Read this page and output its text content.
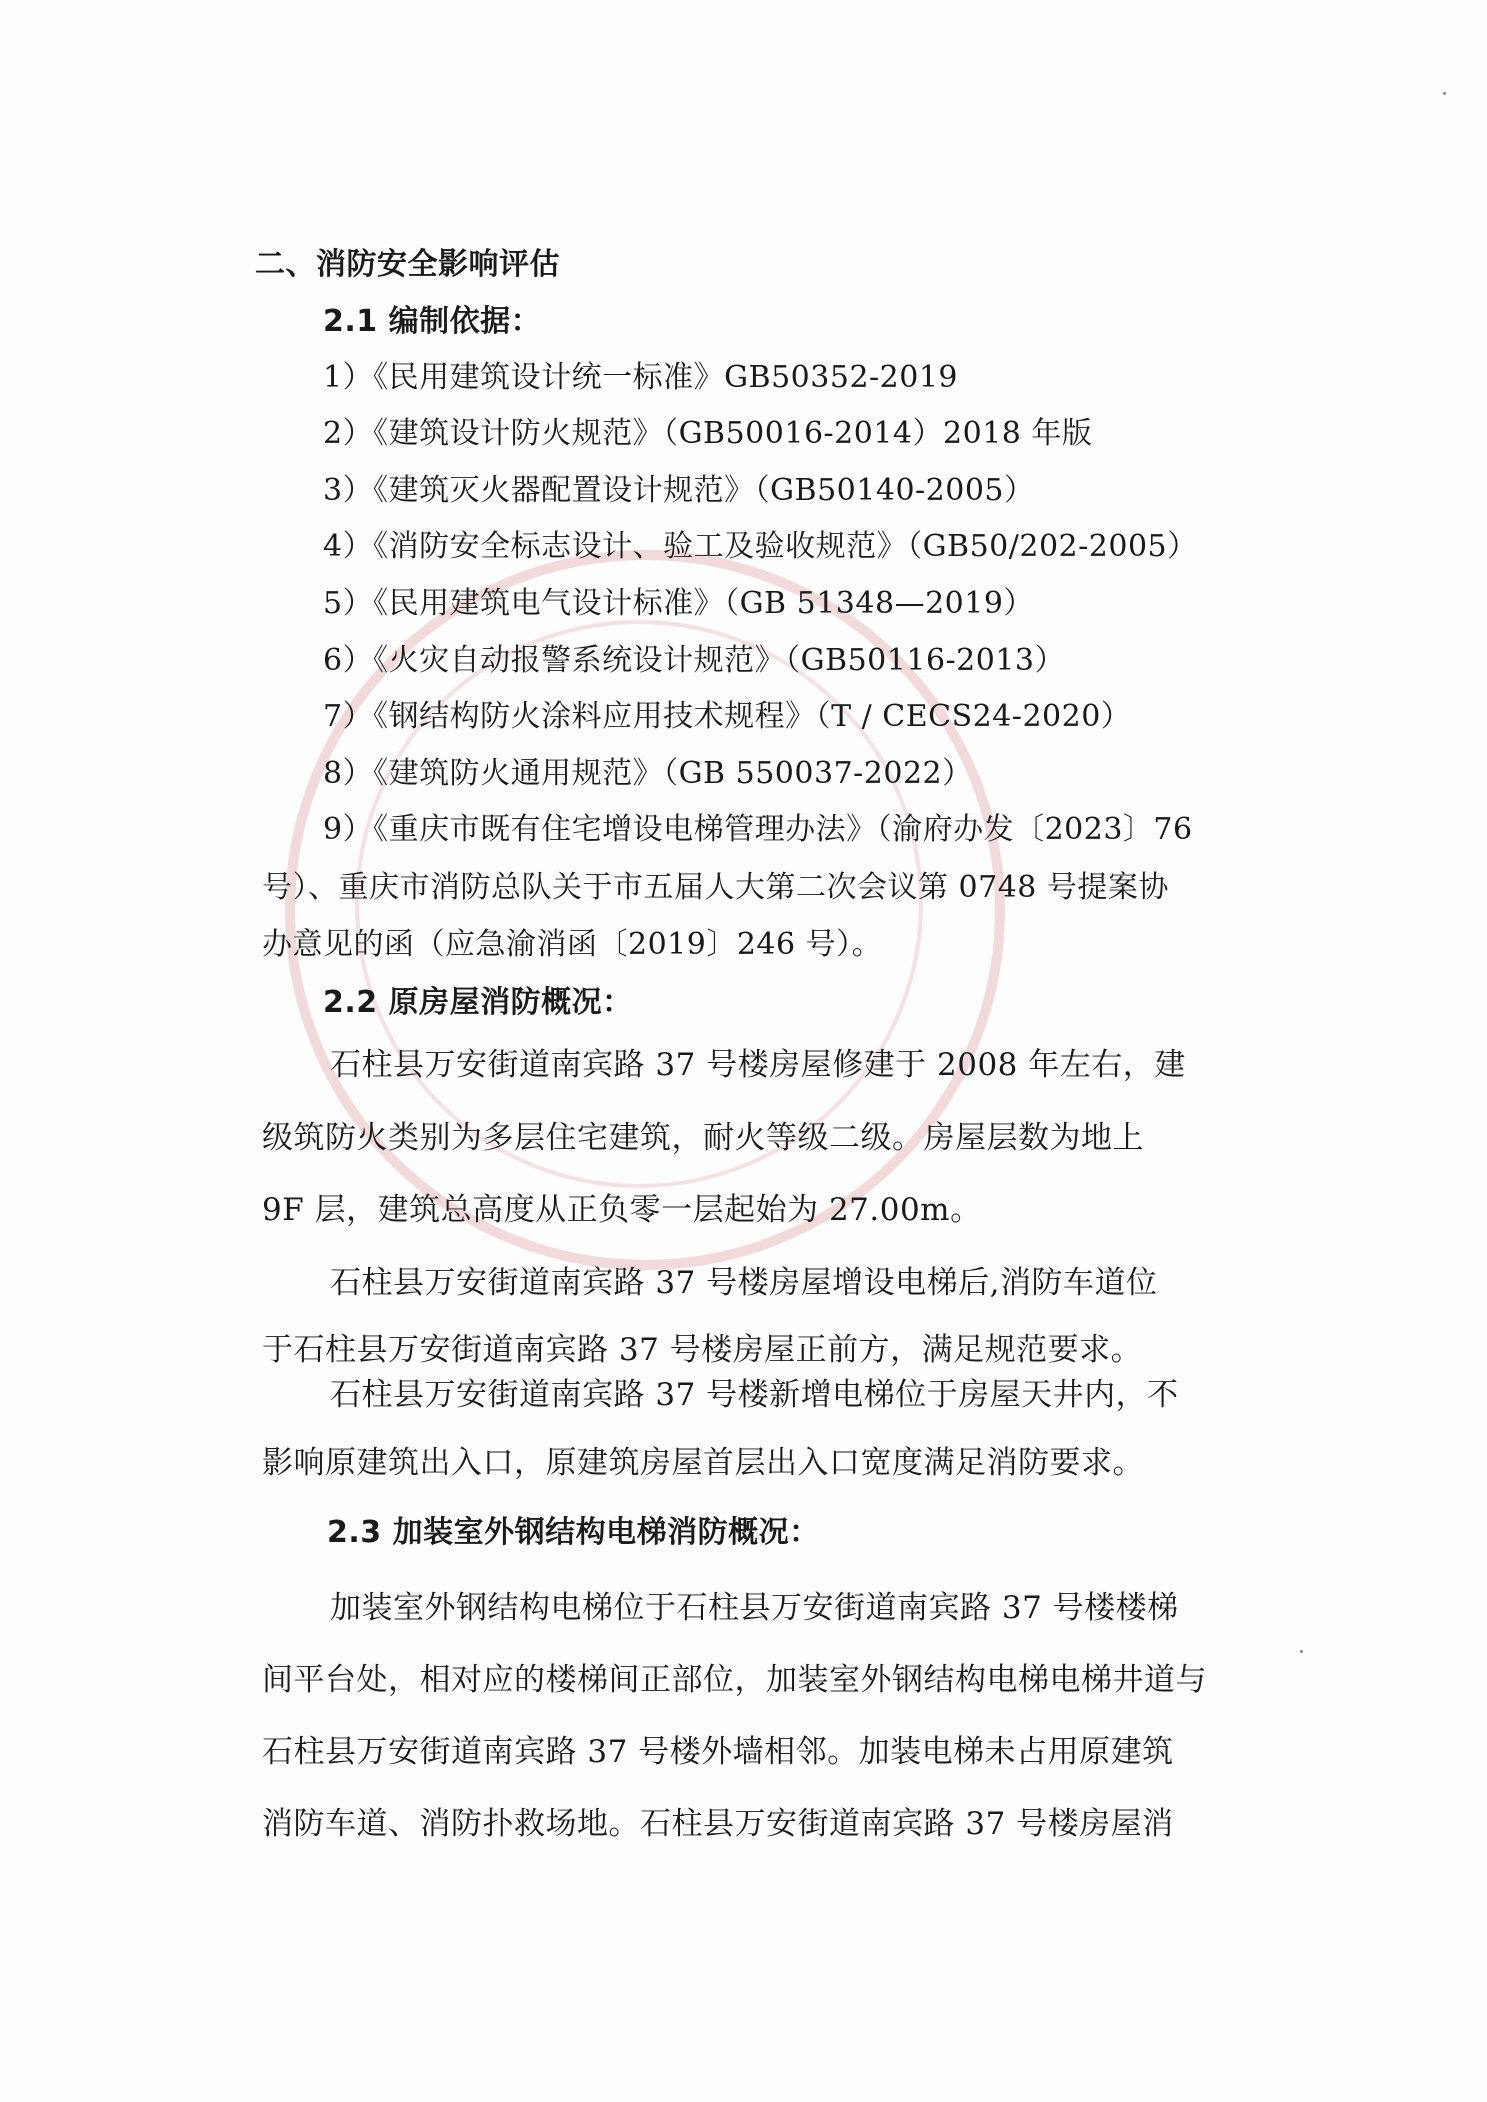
二、消防安全影响评估
2.1 编制依据：
1）《民用建筑设计统一标准》GB50352-2019
2）《建筑设计防火规范》（GB50016-2014）2018 年版
3）《建筑灭火器配置设计规范》（GB50140-2005）
4）《消防安全标志设计、验工及验收规范》（GB50/202-2005）
5）《民用建筑电气设计标准》（GB 51348—2019）
6）《火灾自动报警系统设计规范》（GB50116-2013）
7）《钢结构防火涂料应用技术规程》（T / CECS24-2020）
8）《建筑防火通用规范》（GB 550037-2022）
9）《重庆市既有住宅增设电梯管理办法》（渝府办发〔2023〕76
号）、重庆市消防总队关于市五届人大第二次会议第 0748 号提案协
办意见的函（应急渝消函〔2019〕246 号）。
2.2 原房屋消防概况：
石柱县万安街道南宾路 37 号楼房屋修建于 2008 年左右，建
级筑防火类别为多层住宅建筑，耐火等级二级。房屋层数为地上
9F 层，建筑总高度从正负零一层起始为 27.00m。
石柱县万安街道南宾路 37 号楼房屋增设电梯后,消防车道位
于石柱县万安街道南宾路 37 号楼房屋正前方，满足规范要求。
石柱县万安街道南宾路 37 号楼新增电梯位于房屋天井内，不
影响原建筑出入口，原建筑房屋首层出入口宽度满足消防要求。
2.3 加装室外钢结构电梯消防概况：
加装室外钢结构电梯位于石柱县万安街道南宾路 37 号楼楼梯
间平台处，相对应的楼梯间正部位，加装室外钢结构电梯电梯井道与
石柱县万安街道南宾路 37 号楼外墙相邻。加装电梯未占用原建筑
消防车道、消防扑救场地。石柱县万安街道南宾路 37 号楼房屋消
